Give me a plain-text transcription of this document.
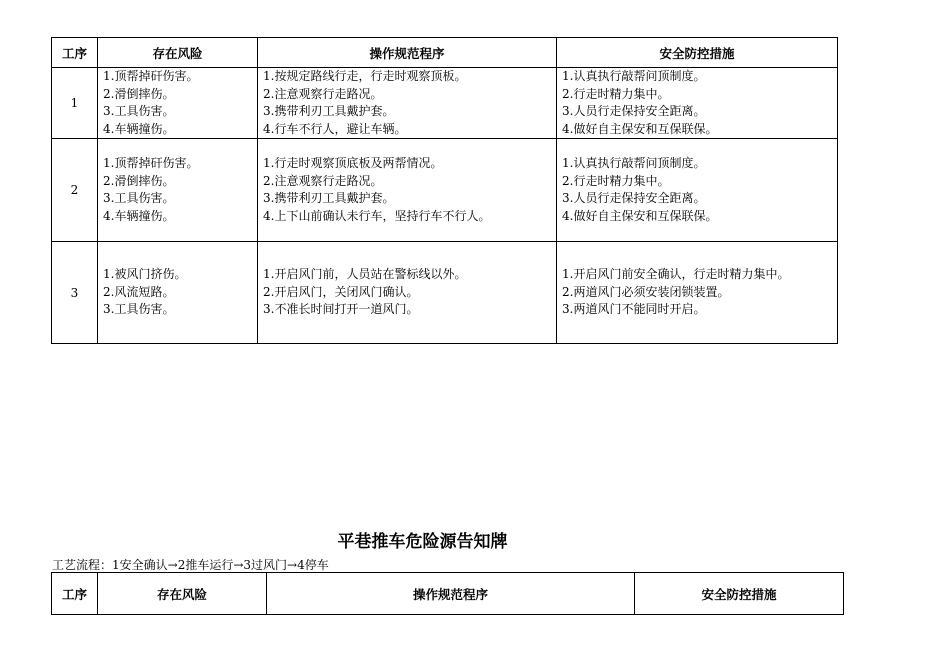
工序	存在风险	操作规范程序	安全防控措施
1	1.顶帮掉矸伤害。
2.滑倒摔伤。
3.工具伤害。
4.车辆撞伤。	1.按规定路线行走，行走时观察顶板。
2.注意观察行走路况。
3.携带利刃工具戴护套。
4.行车不行人，避让车辆。	1.认真执行敲帮问顶制度。
2.行走时精力集中。
3.人员行走保持安全距离。
4.做好自主保安和互保联保。

2	1.顶帮掉矸伤害。
2.滑倒摔伤。
3.工具伤害。
4.车辆撞伤。	1.行走时观察顶底板及两帮情况。
2.注意观察行走路况。
3.携带利刃工具戴护套。
4.上下山前确认未行车，坚持行车不行人。	1.认真执行敲帮问顶制度。
2.行走时精力集中。
3.人员行走保持安全距离。
4.做好自主保安和互保联保。

3	1.被风门挤伤。
2.风流短路。
3.工具伤害。	1.开启风门前，人员站在警标线以外。
2.开启风门，关闭风门确认。
3.不准长时间打开一道风门。	1.开启风门前安全确认，行走时精力集中。
2.两道风门必须安装闭锁装置。
3.两道风门不能同时开启。
平巷推车危险源告知牌
工艺流程：1安全确认→2推车运行→3过风门→4停车
工序	存在风险	操作规范程序	安全防控措施
